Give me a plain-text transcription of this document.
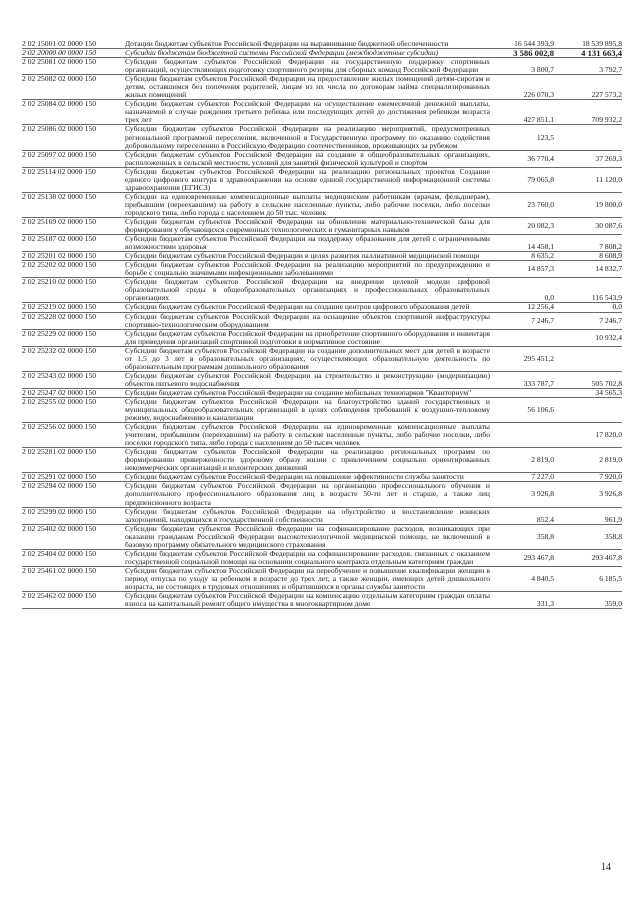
2 02 15001 02 0000 150	Дотации бюджетам субъектов Российской Федерации на выравнивание бюджетной обеспеченности	16 544 393,9	18 539 895,8
2 02 20000 00 0000 150	Субсидии бюджетам бюджетной системы Российской Федерации (межбюджетные субсидии)	3 586 002,8	4 131 663,4
2 02 25081 02 0000 150	Субсидии бюджетам субъектов Российской Федерации на государственную поддержку спортивных организаций, осуществляющих подготовку спортивного резерва для сборных команд Российской Федерации	3 800,7	3 792,7
2 02 25082 02 0000 150	Субсидии бюджетам субъектов Российской Федерации на предоставление жилых помещений детям-сиротам и детям, оставшимся без попечения родителей, лицам из их числа по договорам найма специализированных жилых помещений	226 070,3	227 573,2
2 02 25084 02 0000 150	Субсидии бюджетам субъектов Российской Федерации на осуществление ежемесячной денежной выплаты, назначаемой в случае рождения третьего ребенка или последующих детей до достижения ребенком возраста трех лет	427 851,1	709 932,2
2 02 25086 02 0000 150	Субсидии бюджетам субъектов Российской Федерации на реализацию мероприятий, предусмотренных региональной программой переселения, включенной в Государственную программу по оказанию содействия добровольному переселению в Российскую Федерацию соотечественников, проживающих за рубежом	123,5	
2 02 25097 02 0000 150	Субсидии бюджетам субъектов Российской Федерации на создание в общеобразовательных организациях, расположенных в сельской местности, условий для занятий физической культурой и спортом	36 770,4	37 269,3
2 02 25114 02 0000 150	Субсидии бюджетам субъектов Российской Федерации на реализацию региональных проектов Создание единого цифрового контура в здравоохранении на основе единой государственной информационной системы здравоохранения (ЕГИСЗ)	79 065,8	11 120,0
2 02 25138 02 0000 150	Субсидии на единовременные компенсационные выплаты медицинским работникам (врачам, фельдшерам), прибывшим (переехавшим) на работу в сельские населенные пункты, либо рабочие поселки, либо поселки городского типа, либо города с населением до 50 тыс. человек	23 760,0	19 800,0
2 02 25169 02 0000 150	Субсидии бюджетам субъектов Российской Федерации на обновление материально-технической базы для формирования у обучающихся современных технологических и гуманитарных навыков	20 082,3	30 087,6
2 02 25187 02 0000 150	Субсидии бюджетам субъектов Российской Федерации на поддержку образования для детей с ограниченными возможностями здоровья	14 458,1	7 808,2
2 02 25201 02 0000 150	Субсидии бюджетам субъектов Российской Федерации в целях развития паллиативной медицинской помощи	8 635,2	8 608,9
2 02 25202 02 0000 150	Субсидии бюджетам субъектов Российской Федерации на реализацию мероприятий по предупреждению и борьбе с социально значимыми инфекционными заболеваниями	14 857,3	14 832,7
2 02 25210 02 0000 150	Субсидии бюджетам субъектов Российской Федерации на внедрение целевой модели цифровой образовательной среды в общеобразовательных организациях и профессиональных образовательных организациях	0,0	116 543,9
2 02 25219 02 0000 150	Субсидии бюджетам субъектов Российской Федерации на создание центров цифрового образования детей	12 256,4	0,0
2 02 25228 02 0000 150	Субсидии бюджетам субъектов Российской Федерации на оснащение объектов спортивной инфраструктуры спортивно-технологическим оборудованием	7 246,7	7 246,7
2 02 25229 02 0000 150	Субсидии бюджетам субъектов Российской Федерации на приобретение спортивного оборудования и инвентаря для приведения организаций спортивной подготовки в нормативное состояние		10 932,4
2 02 25232 02 0000 150	Субсидии бюджетам субъектов Российской Федерации на создание дополнительных мест для детей в возрасте от 1,5 до 3 лет в образовательных организациях, осуществляющих образовательную деятельность по образовательным программам дошкольного образования	295 451,2	
2 02 25243 02 0000 150	Субсидии бюджетам субъектов Российской Федерации на строительство и реконструкцию (модернизацию) объектов питьевого водоснабжения	333 787,7	505 702,8
2 02 25247 02 0000 150	Субсидии бюджетам субъектов Российской Федерации на создание мобильных технопарков "Кванториум"		34 565,3
2 02 25255 02 0000 150	Субсидии бюджетам субъектов Российской Федерации на благоустройство зданий государственных и муниципальных общеобразовательных организаций в целях соблюдения требований к воздушно-тепловому режиму, водоснабжению и канализации	56 106,6	
2 02 25256 02 0000 150	Субсидии бюджетам субъектов Российской Федерации на единовременные компенсационные выплаты учителям, прибывшим (переехавшим) на работу в сельские населенные пункты, либо рабочие поселки, либо поселки городского типа, либо города с населением до 50 тысяч человек		17 820,0
2 02 25281 02 0000 150	Субсидии бюджетам субъектов Российской Федерации на реализацию региональных программ по формированию приверженности здоровому образу жизни с привлечением социально ориентированных некоммерческих организаций и волонтерских движений	2 819,0	2 819,0
2 02 25291 02 0000 150	Субсидии бюджетам субъектов Российской Федерации на повышение эффективности службы занятости	7 227,0	7 920,0
2 02 25294 02 0000 150	Субсидии бюджетам субъектов Российской Федерации на организацию профессионального обучения и дополнительного профессионального образования лиц в возрасте 50-ти лет и старше, а также лиц предпенсионного возраста	3 926,8	3 926,8
2 02 25299 02 0000 150	Субсидии бюджетам субъектов Российской Федерации на обустройство и восстановление воинских захоронений, находящихся в государственной собственности	852,4	961,9
2 02 25402 02 0000 150	Субсидии бюджетам субъектов Российской Федерации на софинансирование расходов, возникающих при оказании гражданам Российской Федерации высокотехнологичной медицинской помощи, не включенной в базовую программу обязательного медицинского страхования	358,8	358,8
2 02 25404 02 0000 150	Субсидии бюджетам субъектов Российской Федерации на софинансирование расходов, связанных с оказанием государственной социальной помощи на основании социального контракта отдельным категориям граждан	293 467,8	293 467,8
2 02 25461 02 0000 150	Субсидии бюджетам субъектов Российской Федерации на переобучение и повышение квалификации женщин в период отпуска по уходу за ребенком в возрасте до трех лет, а также женщин, имеющих детей дошкольного возраста, не состоящих в трудовых отношениях и обратившихся в органы службы занятости	4 840,5	6 185,5
2 02 25462 02 0000 150	Субсидии бюджетам субъектов Российской Федерации на компенсацию отдельным категориям граждан оплаты взноса на капитальный ремонт общего имущества в многоквартирном доме	331,3	359,0
14
